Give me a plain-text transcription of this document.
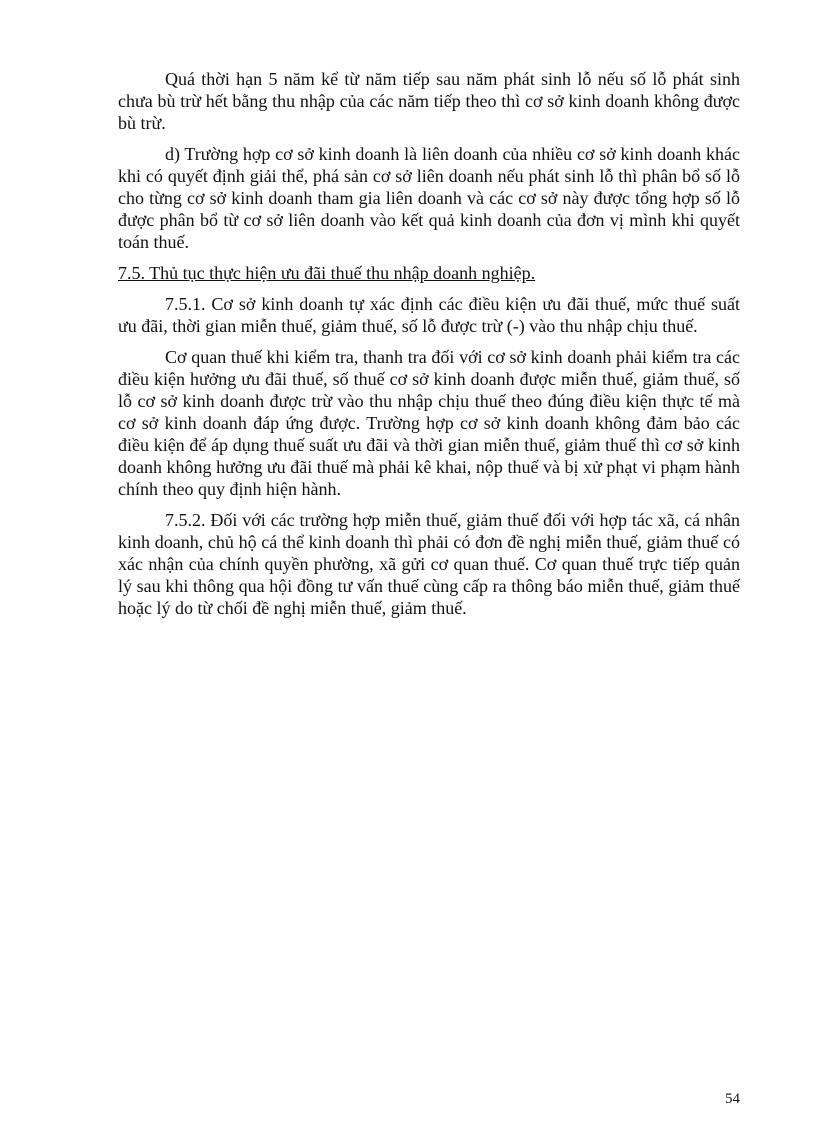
Quá thời hạn 5 năm kể từ năm tiếp sau năm phát sinh lỗ nếu số lỗ phát sinh chưa bù trừ hết bằng thu nhập của các năm tiếp theo thì cơ sở kinh doanh không được bù trừ.

d) Trường hợp cơ sở kinh doanh là liên doanh của nhiều cơ sở kinh doanh khác khi có quyết định giải thể, phá sản cơ sở liên doanh nếu phát sinh lỗ thì phân bổ số lỗ cho từng cơ sở kinh doanh tham gia liên doanh và các cơ sở này được tổng hợp số lỗ được phân bổ từ cơ sở liên doanh vào kết quả kinh doanh của đơn vị mình khi quyết toán thuế.

7.5. Thủ tục thực hiện ưu đãi thuế thu nhập doanh nghiệp.

7.5.1. Cơ sở kinh doanh tự xác định các điều kiện ưu đãi thuế, mức thuế suất ưu đãi, thời gian miễn thuế, giảm thuế, số lỗ được trừ (-) vào thu nhập chịu thuế.

Cơ quan thuế khi kiểm tra, thanh tra đối với cơ sở kinh doanh phải kiểm tra các điều kiện hưởng ưu đãi thuế, số thuế cơ sở kinh doanh được miễn thuế, giảm thuế, số lỗ cơ sở kinh doanh được trừ vào thu nhập chịu thuế theo đúng điều kiện thực tế mà cơ sở kinh doanh đáp ứng được. Trường hợp cơ sở kinh doanh không đảm bảo các điều kiện để áp dụng thuế suất ưu đãi và thời gian miễn thuế, giảm thuế thì cơ sở kinh doanh không hưởng ưu đãi thuế mà phải kê khai, nộp thuế và bị xử phạt vi phạm hành chính theo quy định hiện hành.

7.5.2. Đối với các trường hợp miễn thuế, giảm thuế đối với hợp tác xã, cá nhân kinh doanh, chủ hộ cá thể kinh doanh thì phải có đơn đề nghị miễn thuế, giảm thuế có xác nhận của chính quyền phường, xã gửi cơ quan thuế. Cơ quan thuế trực tiếp quản lý sau khi thông qua hội đồng tư vấn thuế cùng cấp ra thông báo miễn thuế, giảm thuế hoặc lý do từ chối đề nghị miễn thuế, giảm thuế.

54
